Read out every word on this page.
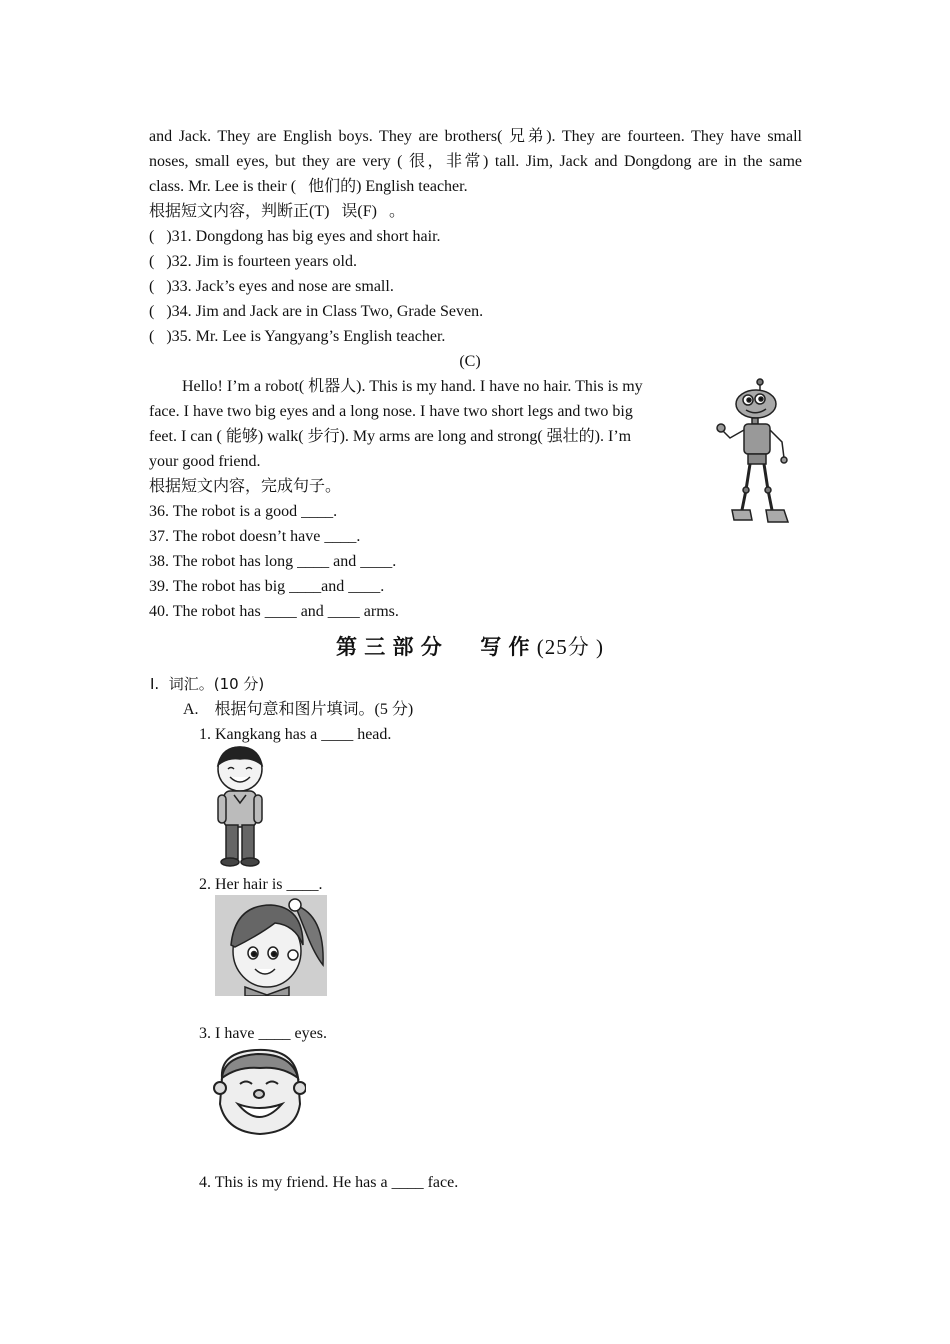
and Jack. They are English boys. They are brothers( 兄弟). They are fourteen. They have small
noses, small eyes, but they are very ( 很，非常) tall. Jim, Jack and Dongdong are in the same
class. Mr. Lee is their (   他们的) English teacher.
根据短文内容，判断正(T)   误(F)   。
(   )31. Dongdong has big eyes and short hair.
(   )32. Jim is fourteen years old.
(   )33. Jack’s eyes and nose are small.
(   )34. Jim and Jack are in Class Two, Grade Seven.
(   )35. Mr. Lee is Yangyang’s English teacher.
(C)
Hello! I’m a robot( 机器人). This is my hand. I have no hair. This is my
face. I have two big eyes and a long nose. I have two short legs and two big
feet. I can ( 能够) walk( 步行). My arms are long and strong( 强壮的). I’m
your good friend.
根据短文内容，完成句子。
36. The robot is a good ____.
37. The robot doesn’t have ____.
38. The robot has long ____ and ____.
39. The robot has big ____and ____.
40. The robot has ____ and ____ arms.
第 三 部 分      写 作 (25分 )
Ⅰ.  词汇。(10 分)
A.    根据句意和图片填词。(5 分)
1. Kangkang has a ____ head.
2. Her hair is ____.
3. I have ____ eyes.
4. This is my friend. He has a ____ face.
